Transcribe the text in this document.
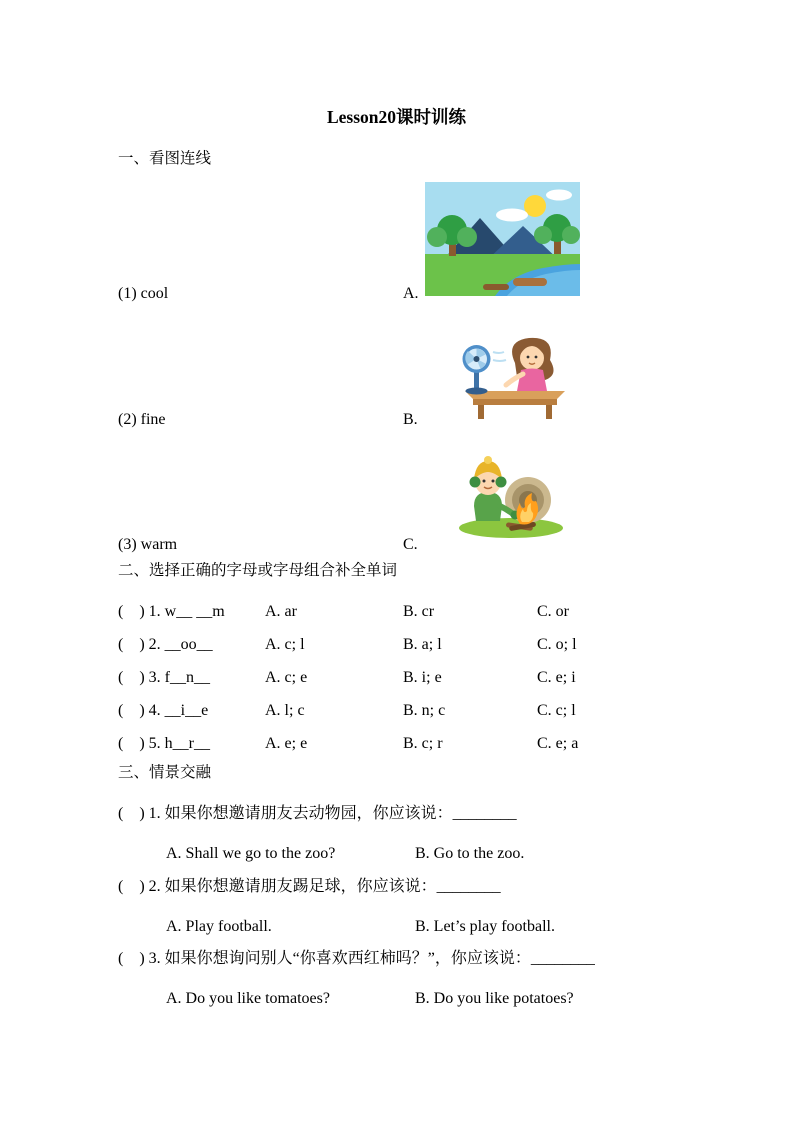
Lesson20课时训练
一、看图连线
(1) cool	A.
(2) fine	B.
(3) warm	C.
二、选择正确的字母或字母组合补全单词
(　) 1. w__ __m	A. ar	B. cr	C. or
(　) 2. __oo__	A. c; l	B. a; l	C. o; l
(　) 3. f__n__	A. c; e	B. i; e	C. e; i
(　) 4. __i__e	A. l; c	B. n; c	C. c; l
(　) 5. h__r__	A. e; e	B. c; r	C. e; a
三、情景交融
(　) 1. 如果你想邀请朋友去动物园，你应该说：________
A. Shall we go to the zoo?	B. Go to the zoo.
(　) 2. 如果你想邀请朋友踢足球，你应该说：________
A. Play football.	B. Let’s play football.
(　) 3. 如果你想询问别人“你喜欢西红柿吗？”，你应该说：________
A. Do you like tomatoes?	B. Do you like potatoes?
